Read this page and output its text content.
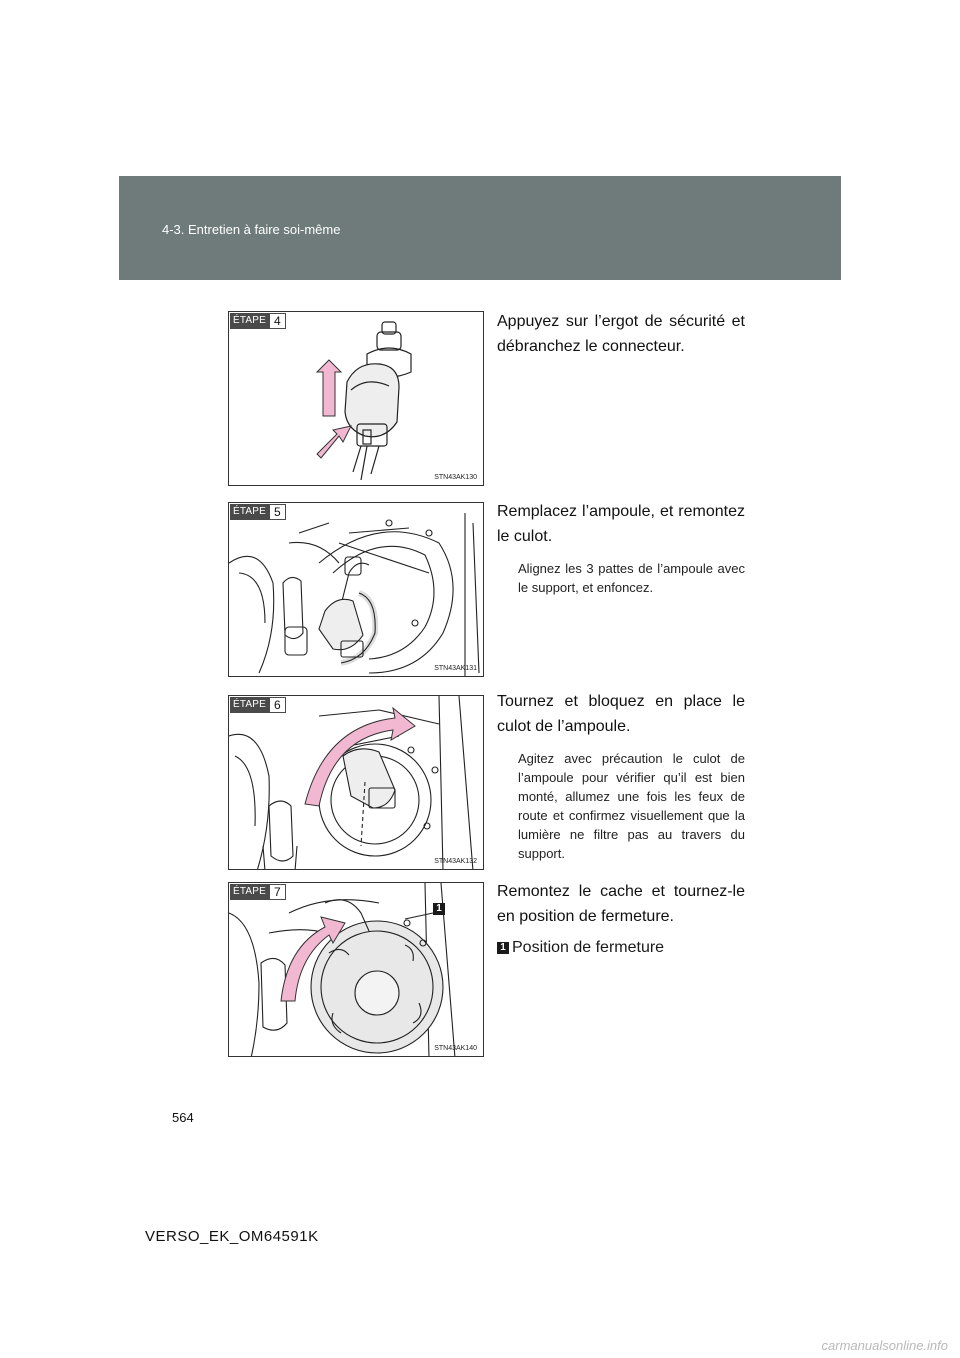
4-3. Entretien à faire soi-même
ÉTAPE 4
STN43AK130

Appuyez sur l’ergot de sécurité et débranchez le connecteur.

ÉTAPE 5
STN43AK131

Remplacez l’ampoule, et remontez le culot.

Alignez les 3 pattes de l’ampoule avec le support, et enfoncez.

ÉTAPE 6
STN43AK132

Tournez et bloquez en place le culot de l’ampoule.

Agitez avec précaution le culot de l’ampoule pour vérifier qu’il est bien monté, allumez une fois les feux de route et confirmez visuellement que la lumière ne filtre pas au travers du support.

1
ÉTAPE 7
STN43AK140

Remontez le cache et tournez-le en position de fermeture.

1 Position de fermeture
564
VERSO_EK_OM64591K
carmanualsonline.info
